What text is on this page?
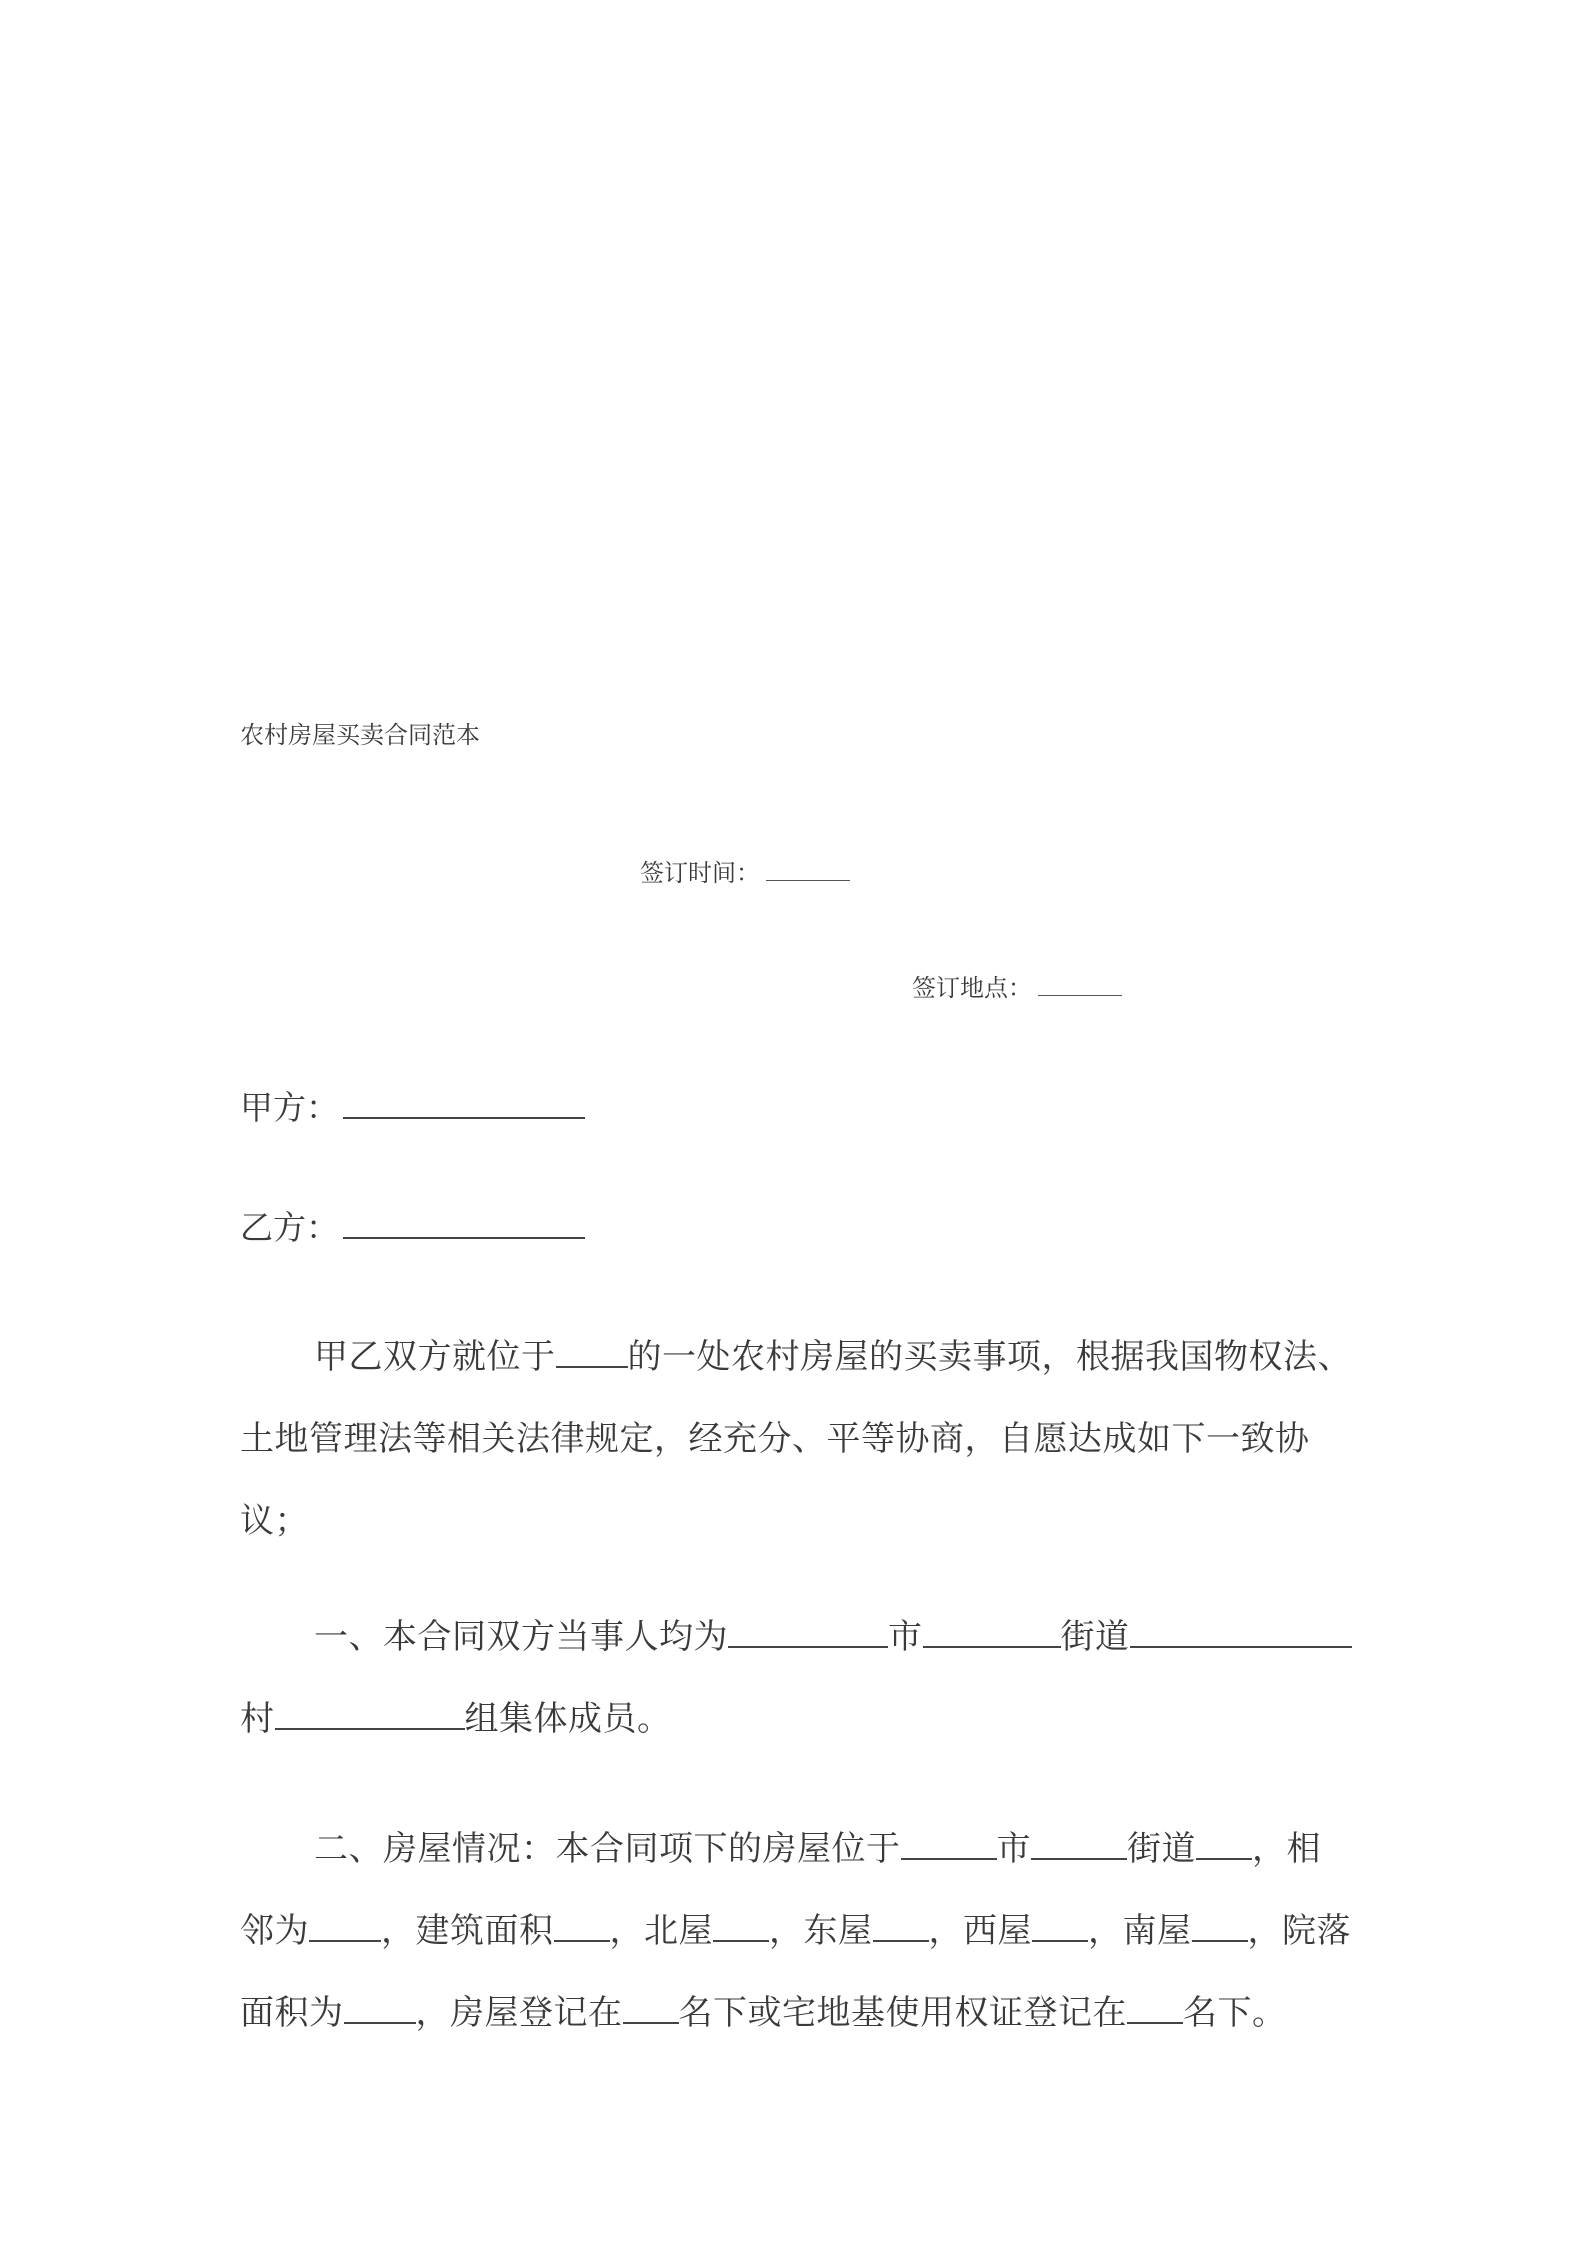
农村房屋买卖合同范本
签订时间：
签订地点：
甲方：
乙方：
甲乙双方就位于 的一处农村房屋的买卖事项，根据我国物权法、土地管理法等相关法律规定，经充分、平等协商，自愿达成如下一致协议；
一、本合同双方当事人均为	市	街道村	组集体成员。
二、房屋情况：本合同项下的房屋位于	市	街道 ，相邻为 ，建筑面积 ，北屋 ，东屋 ，西屋 ，南屋 ，院落面积为 ，房屋登记在 名下或宅地基使用权证登记在 名下。
